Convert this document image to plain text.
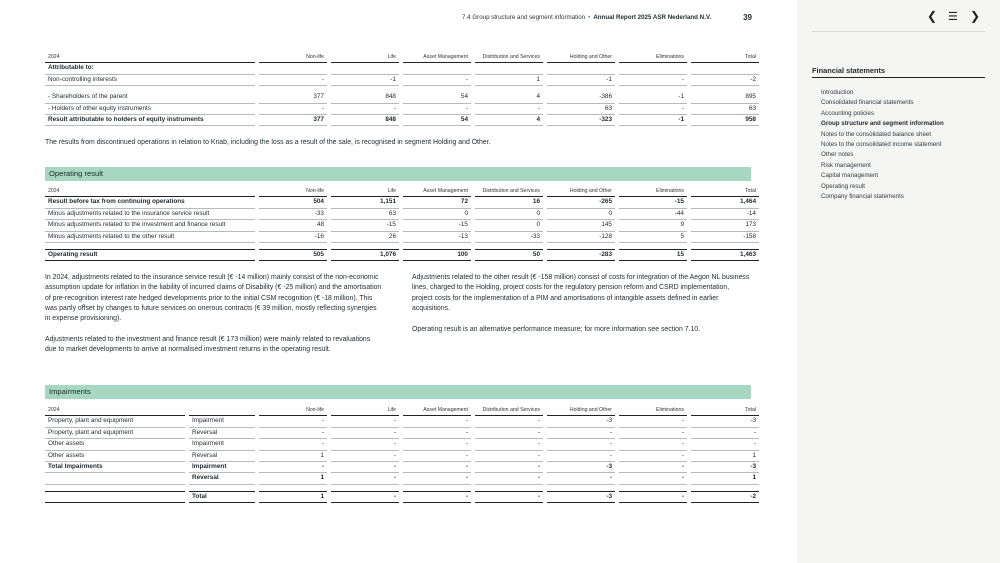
7.4 Group structure and segment information • Annual Report 2025 ASR Nederland N.V.	39
2024		Non-life		Life		Asset Management		Distribution and Services		Holding and Other		Eliminations		Total
Attributable to:														
Non-controlling interests		-		-1		-		1		-1		-		-2

- Shareholders of the parent		377		848		54		4		-386		-1		895
- Holders of other equity instruments		-		-		-		-		63		-		63
Result attributable to holders of equity instruments		377		848		54		4		-323		-1		958
The results from discontinued operations in relation to Knab, including the loss as a result of the sale, is recognised in segment Holding and Other.
Operating result
2024		Non-life		Life		Asset Management		Distribution and Services		Holding and Other		Eliminations		Total
Result before tax from continuing operations		504		1,151		72		16		-265		-15		1,464
Minus adjustments related to the insurance service result		-33		63		0		0		0		-44		-14
Minus adjustments related to the investment and finance result		48		-15		-15		0		145		9		173
Minus adjustments related to the other result		-16		26		-13		-33		-128		5		-158

Operating result		505		1,076		100		50		-283		15		1,463
In 2024, adjustments related to the insurance service result (€ -14 million) mainly consist of the non-economic assumption update for inflation in the liability of incurred claims of Disability (€ -25 million) and the amortisation of pre-recognition interest rate hedged developments prior to the initial CSM recognition (€ -18 million). This was partly offset by changes to future services on onerous contracts (€ 39 million, mostly reflecting synergies in expense provisioning).
Adjustments related to the investment and finance result (€ 173 million) were mainly related to revaluations due to market developments to arrive at normalised investment returns in the operating result.
Adjustments related to the other result (€ -158 million) consist of costs for integration of the Aegon NL business lines, charged to the Holding, project costs for the regulatory pension reform and CSRD implementation, project costs for the implementation of a PIM and amortisations of intangible assets defined in earlier acquisitions.
Operating result is an alternative performance measure; for more information see section 7.10.
Impairments
2024				Non-life		Life		Asset Management		Distribution and Services		Holding and Other		Eliminations		Total
Property, plant and equipment		Impairment		-		-		-		-		-3		-		-3
Property, plant and equipment		Reversal		-		-		-		-		-		-		-
Other assets		Impairment		-		-		-		-		-		-		-
Other assets		Reversal		1		-		-		-		-		-		1
Total Impairments		Impairment		-		-		-		-		-3		-		-3
		Reversal		1		-		-		-		-		-		1

		Total		1		-		-		-		-3		-		-2
❮ ☰ ❯
Financial statements
Introduction
Consolidated financial statements
Accounting policies
Group structure and segment information
Notes to the consolidated balance sheet
Notes to the consolidated income statement
Other notes
Risk management
Capital management
Operating result
Company financial statements
